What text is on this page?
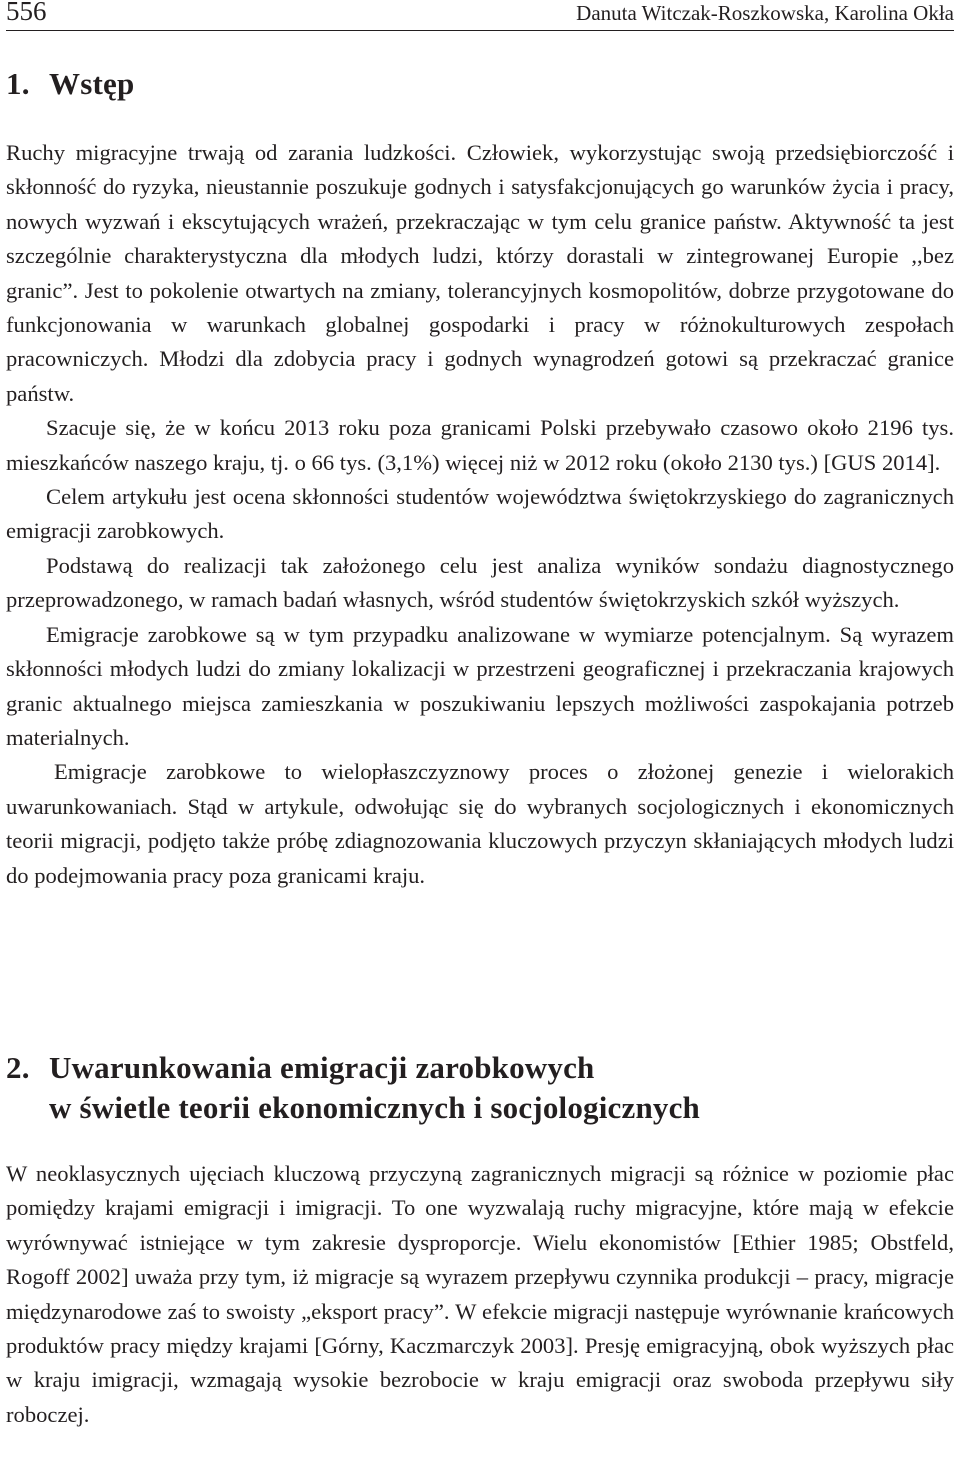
556	Danuta Witczak-Roszkowska, Karolina Okła
1. Wstęp

Ruchy migracyjne trwają od zarania ludzkości. Człowiek, wykorzystując swoją przedsiębiorczość i skłonność do ryzyka, nieustannie poszukuje godnych i satysfakcjonujących go warunków życia i pracy, nowych wyzwań i ekscytujących wrażeń, przekraczając w tym celu granice państw. Aktywność ta jest szczególnie charakterystyczna dla młodych ludzi, którzy dorastali w zintegrowanej Europie ,,bez granic”. Jest to pokolenie otwartych na zmiany, tolerancyjnych kosmopolitów, dobrze przygotowane do funkcjonowania w warunkach globalnej gospodarki i pracy w różnokulturowych zespołach pracowniczych. Młodzi dla zdobycia pracy i godnych wynagrodzeń gotowi są przekraczać granice państw.

Szacuje się, że w końcu 2013 roku poza granicami Polski przebywało czasowo około 2196 tys. mieszkańców naszego kraju, tj. o 66 tys. (3,1%) więcej niż w 2012 roku (około 2130 tys.) [GUS 2014].

Celem artykułu jest ocena skłonności studentów województwa świętokrzyskiego do zagranicznych emigracji zarobkowych.

Podstawą do realizacji tak założonego celu jest analiza wyników sondażu diagnostycznego przeprowadzonego, w ramach badań własnych, wśród studentów świętokrzyskich szkół wyższych.

Emigracje zarobkowe są w tym przypadku analizowane w wymiarze potencjalnym. Są wyrazem skłonności młodych ludzi do zmiany lokalizacji w przestrzeni geograficznej i przekraczania krajowych granic aktualnego miejsca zamieszkania w poszukiwaniu lepszych możliwości zaspokajania potrzeb materialnych.

Emigracje zarobkowe to wielopłaszczyznowy proces o złożonej genezie i wielorakich uwarunkowaniach. Stąd w artykule, odwołując się do wybranych socjologicznych i ekonomicznych teorii migracji, podjęto także próbę zdiagnozowania kluczowych przyczyn skłaniających młodych ludzi do podejmowania pracy poza granicami kraju.

2. Uwarunkowania emigracji zarobkowych
w świetle teorii ekonomicznych i socjologicznych

W neoklasycznych ujęciach kluczową przyczyną zagranicznych migracji są różnice w poziomie płac pomiędzy krajami emigracji i imigracji. To one wyzwalają ruchy migracyjne, które mają w efekcie wyrównywać istniejące w tym zakresie dysproporcje. Wielu ekonomistów [Ethier 1985; Obstfeld, Rogoff 2002] uważa przy tym, iż migracje są wyrazem przepływu czynnika produkcji – pracy, migracje międzynarodowe zaś to swoisty „eksport pracy”. W efekcie migracji następuje wyrównanie krańcowych produktów pracy między krajami [Górny, Kaczmarczyk 2003]. Presję emigracyjną, obok wyższych płac w kraju imigracji, wzmagają wysokie bezrobocie w kraju emigracji oraz swoboda przepływu siły roboczej.
